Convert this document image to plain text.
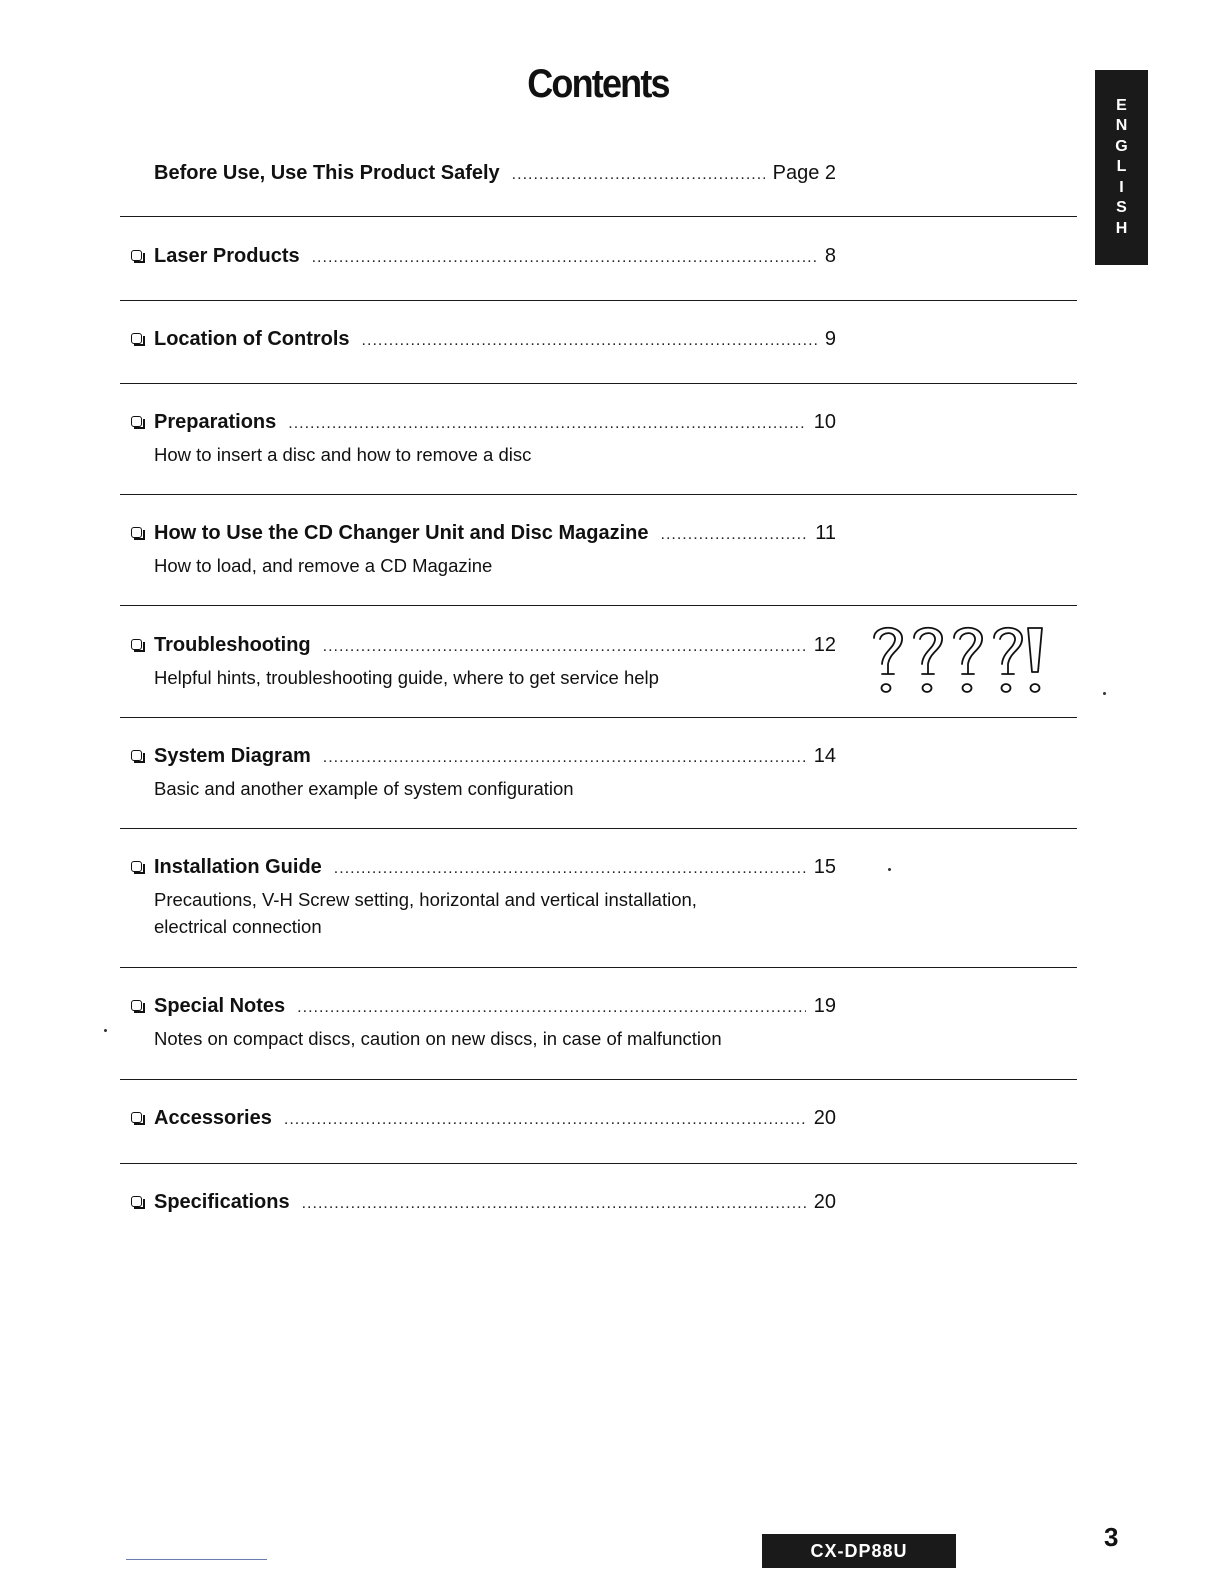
Contents	E
N
G
L
I
S
H
Before Use, Use This Product Safely .....	Page 2
Laser Products .....	8
Location of Controls .....	9
Preparations .....	10
How to insert a disc and how to remove a disc
How to Use the CD Changer Unit and Disc Magazine .....	11
How to load, and remove a CD Magazine
Troubleshooting .....	12
Helpful hints, troubleshooting guide, where to get service help
System Diagram .....	14
Basic and another example of system configuration
Installation Guide .....	15
Precautions, V-H Screw setting, horizontal and vertical installation,
electrical connection
Special Notes .....	19
Notes on compact discs, caution on new discs, in case of malfunction
Accessories .....	20
Specifications .....	20
CX-DP88U	3
